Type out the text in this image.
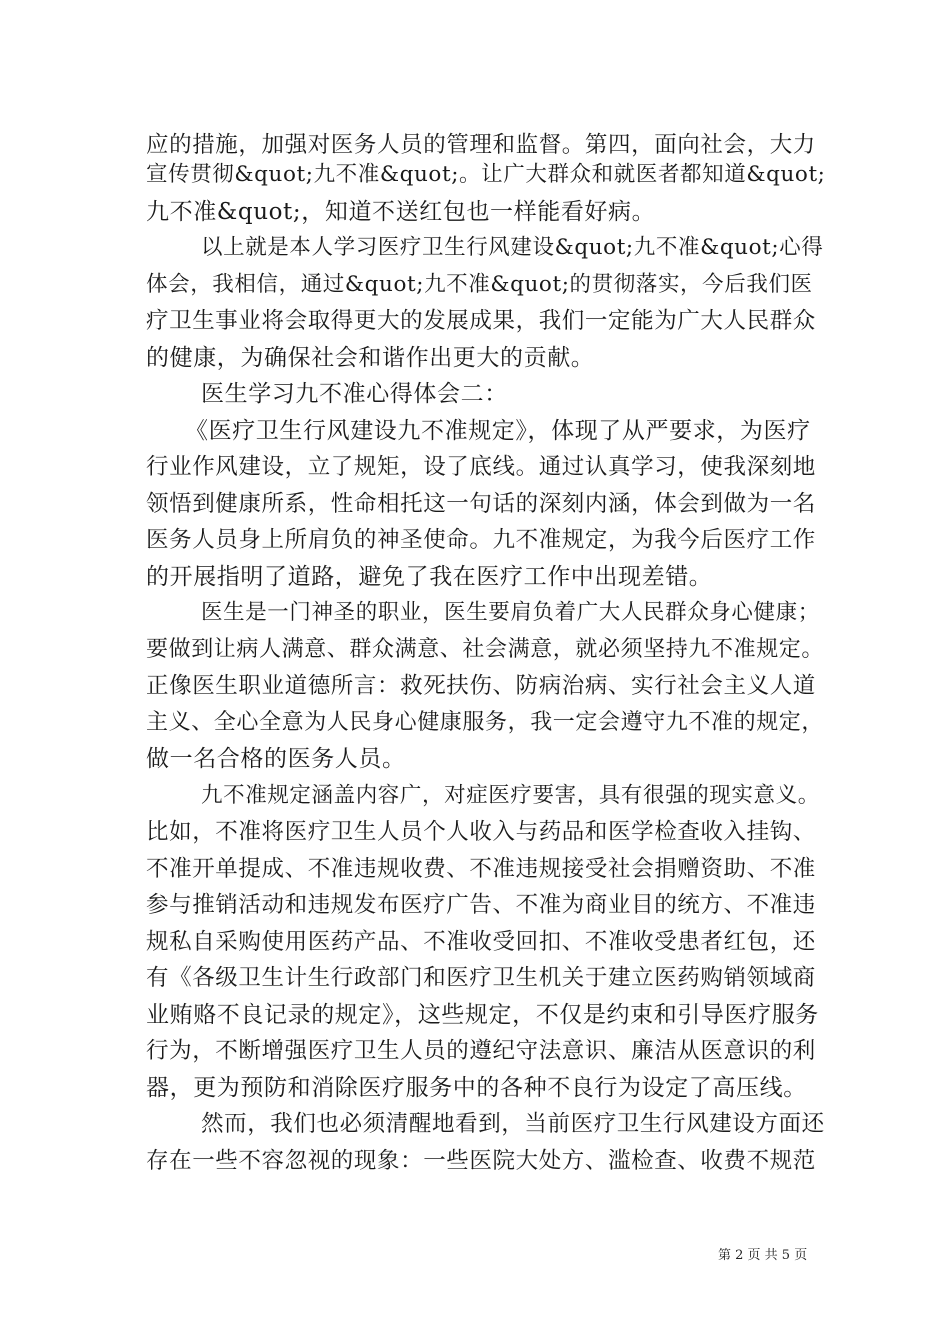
应的措施，加强对医务人员的管理和监督。第四，面向社会，大力
宣传贯彻&quot;九不准&quot;。让广大群众和就医者都知道&quot;
九不准&quot;，知道不送红包也一样能看好病。
以上就是本人学习医疗卫生行风建设&quot;九不准&quot;心得
体会，我相信，通过&quot;九不准&quot;的贯彻落实，今后我们医
疗卫生事业将会取得更大的发展成果，我们一定能为广大人民群众
的健康，为确保社会和谐作出更大的贡献。
医生学习九不准心得体会二：
《医疗卫生行风建设九不准规定》，体现了从严要求，为医疗
行业作风建设，立了规矩，设了底线。通过认真学习，使我深刻地
领悟到健康所系，性命相托这一句话的深刻内涵，体会到做为一名
医务人员身上所肩负的神圣使命。九不准规定，为我今后医疗工作
的开展指明了道路，避免了我在医疗工作中出现差错。
医生是一门神圣的职业，医生要肩负着广大人民群众身心健康；
要做到让病人满意、群众满意、社会满意，就必须坚持九不准规定。
正像医生职业道德所言：救死扶伤、防病治病、实行社会主义人道
主义、全心全意为人民身心健康服务，我一定会遵守九不准的规定，
做一名合格的医务人员。
九不准规定涵盖内容广，对症医疗要害，具有很强的现实意义。
比如，不准将医疗卫生人员个人收入与药品和医学检查收入挂钩、
不准开单提成、不准违规收费、不准违规接受社会捐赠资助、不准
参与推销活动和违规发布医疗广告、不准为商业目的统方、不准违
规私自采购使用医药产品、不准收受回扣、不准收受患者红包，还
有《各级卫生计生行政部门和医疗卫生机关于建立医药购销领域商
业贿赂不良记录的规定》，这些规定，不仅是约束和引导医疗服务
行为，不断增强医疗卫生人员的遵纪守法意识、廉洁从医意识的利
器，更为预防和消除医疗服务中的各种不良行为设定了高压线。
然而，我们也必须清醒地看到，当前医疗卫生行风建设方面还
存在一些不容忽视的现象：一些医院大处方、滥检查、收费不规范
第 2 页 共 5 页
